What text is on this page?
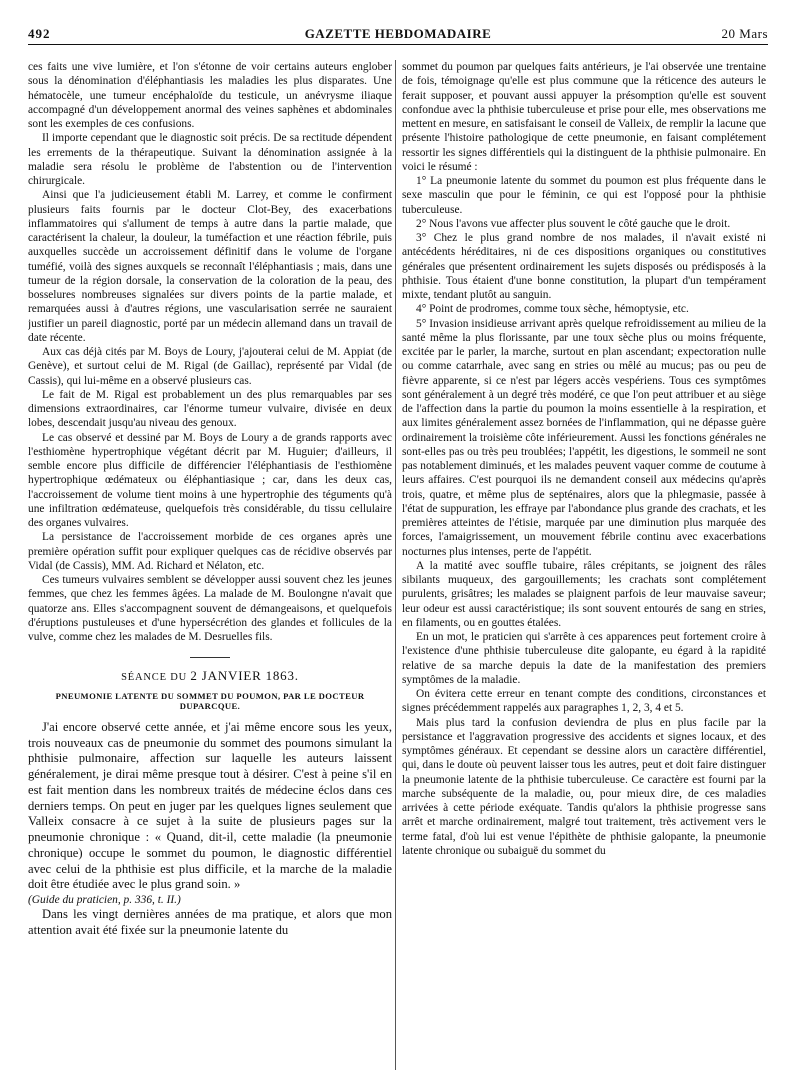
492	GAZETTE HEBDOMADAIRE	20 Mars

ces faits une vive lumière, et l'on s'étonne de voir certains auteurs englober sous la dénomination d'éléphantiasis les maladies les plus disparates. Une hématocèle, une tumeur encéphaloïde du testicule, un anévrysme iliaque accompagné d'un développement anormal des veines saphènes et abdominales sont les exemples de ces confusions.

Il importe cependant que le diagnostic soit précis. De sa rectitude dépendent les errements de la thérapeutique. Suivant la dénomination assignée à la maladie sera résolu le problème de l'abstention ou de l'intervention chirurgicale.

Ainsi que l'a judicieusement établi M. Larrey, et comme le confirment plusieurs faits fournis par le docteur Clot-Bey, des exacerbations inflammatoires qui s'allument de temps à autre dans la partie malade, que caractérisent la chaleur, la douleur, la tuméfaction et une réaction fébrile, puis auxquelles succède un accroissement définitif dans le volume de l'organe tuméfié, voilà des signes auxquels se reconnaît l'éléphantiasis ; mais, dans une tumeur de la région dorsale, la conservation de la coloration de la peau, des bosselures nombreuses signalées sur divers points de la partie malade, et remarquées aussi à d'autres régions, une vascularisation serrée ne sauraient justifier un pareil diagnostic, porté par un médecin allemand dans un travail de date récente.

Aux cas déjà cités par M. Boys de Loury, j'ajouterai celui de M. Appiat (de Genève), et surtout celui de M. Rigal (de Gaillac), représenté par Vidal (de Cassis), qui lui-même en a observé plusieurs cas.

Le fait de M. Rigal est probablement un des plus remarquables par ses dimensions extraordinaires, car l'énorme tumeur vulvaire, divisée en deux lobes, descendait jusqu'au niveau des genoux.

Le cas observé et dessiné par M. Boys de Loury a de grands rapports avec l'esthiomène hypertrophique végétant décrit par M. Huguier; d'ailleurs, il semble encore plus difficile de différencier l'éléphantiasis de l'esthiomène hypertrophique œdémateux ou éléphantiasique ; car, dans les deux cas, l'accroissement de volume tient moins à une hypertrophie des téguments qu'à une infiltration œdémateuse, quelquefois très considérable, du tissu cellulaire des organes vulvaires.

La persistance de l'accroissement morbide de ces organes après une première opération suffit pour expliquer quelques cas de récidive observés par Vidal (de Cassis), MM. Ad. Richard et Nélaton, etc.

Ces tumeurs vulvaires semblent se développer aussi souvent chez les jeunes femmes, que chez les femmes âgées. La malade de M. Boulongne n'avait que quatorze ans. Elles s'accompagnent souvent de démangeaisons, et quelquefois d'éruptions pustuleuses et d'une hypersécrétion des glandes et follicules de la vulve, comme chez les malades de M. Desruelles fils.

SÉANCE DU 2 JANVIER 1863.
PNEUMONIE LATENTE DU SOMMET DU POUMON, PAR LE DOCTEUR DUPARCQUE.

J'ai encore observé cette année, et j'ai même encore sous les yeux, trois nouveaux cas de pneumonie du sommet des poumons simulant la phthisie pulmonaire, affection sur laquelle les auteurs laissent généralement, je dirai même presque tout à désirer. C'est à peine s'il en est fait mention dans les nombreux traités de médecine éclos dans ces derniers temps. On peut en juger par les quelques lignes seulement que Valleix consacre à ce sujet à la suite de plusieurs pages sur la pneumonie chronique : « Quand, dit-il, cette maladie (la pneumonie chronique) occupe le sommet du poumon, le diagnostic différentiel avec celui de la phthisie est plus difficile, et la marche de la maladie doit être étudiée avec le plus grand soin. »

(Guide du praticien, p. 336, t. II.)

Dans les vingt dernières années de ma pratique, et alors que mon attention avait été fixée sur la pneumonie latente du

sommet du poumon par quelques faits antérieurs, je l'ai observée une trentaine de fois, témoignage qu'elle est plus commune que la réticence des auteurs le ferait supposer, et pouvant aussi appuyer la présomption qu'elle est souvent confondue avec la phthisie tuberculeuse et prise pour elle, mes observations me mettent en mesure, en satisfaisant le conseil de Valleix, de remplir la lacune que présente l'histoire pathologique de cette pneumonie, en faisant complétement ressortir les signes différentiels qui la distinguent de la phthisie pulmonaire. En voici le résumé :

1° La pneumonie latente du sommet du poumon est plus fréquente dans le sexe masculin que pour le féminin, ce qui est l'opposé pour la phthisie tuberculeuse.

2° Nous l'avons vue affecter plus souvent le côté gauche que le droit.

3° Chez le plus grand nombre de nos malades, il n'avait existé ni antécédents héréditaires, ni de ces dispositions organiques ou constitutives générales que présentent ordinairement les sujets disposés ou prédisposés à la phthisie. Tous étaient d'une bonne constitution, la plupart d'un tempérament mixte, tendant plutôt au sanguin.

4° Point de prodromes, comme toux sèche, hémoptysie, etc.

5° Invasion insidieuse arrivant après quelque refroidissement au milieu de la santé même la plus florissante, par une toux sèche plus ou moins fréquente, excitée par le parler, la marche, surtout en plan ascendant; expectoration nulle ou comme catarrhale, avec sang en stries ou mêlé au mucus; pas ou peu de fièvre apparente, si ce n'est par légers accès vespériens. Tous ces symptômes sont généralement à un degré très modéré, ce que l'on peut attribuer et au siège de l'affection dans la partie du poumon la moins essentielle à la respiration, et aux limites généralement assez bornées de l'inflammation, qui ne dépasse guère ordinairement la troisième côte inférieurement. Aussi les fonctions générales ne sont-elles pas ou très peu troublées; l'appétit, les digestions, le sommeil ne sont pas notablement diminués, et les malades peuvent vaquer comme de coutume à leurs affaires. C'est pourquoi ils ne demandent conseil aux médecins qu'après trois, quatre, et même plus de septénaires, alors que la phlegmasie, passée à l'état de suppuration, les effraye par l'abondance plus grande des crachats, et les premières atteintes de l'étisie, marquée par une diminution plus marquée des forces, l'amaigrissement, un mouvement fébrile continu avec exacerbations nocturnes plus intenses, perte de l'appétit.

A la matité avec souffle tubaire, râles crépitants, se joignent des râles sibilants muqueux, des gargouillements; les crachats sont complétement purulents, grisâtres; les malades se plaignent parfois de leur mauvaise saveur; leur odeur est aussi caractéristique; ils sont souvent entourés de sang en stries, en filaments, ou en gouttes étalées.

En un mot, le praticien qui s'arrête à ces apparences peut fortement croire à l'existence d'une phthisie tuberculeuse dite galopante, eu égard à la rapidité relative de sa marche depuis la date de la manifestation des premiers symptômes de la maladie.

On évitera cette erreur en tenant compte des conditions, circonstances et signes précédemment rappelés aux paragraphes 1, 2, 3, 4 et 5.

Mais plus tard la confusion deviendra de plus en plus facile par la persistance et l'aggravation progressive des accidents et signes locaux, et des symptômes généraux. Et cependant se dessine alors un caractère différentiel, qui, dans le doute où peuvent laisser tous les autres, peut et doit faire distinguer la pneumonie latente de la phthisie tuberculeuse. Ce caractère est fourni par la marche subséquente de la maladie, ou, pour mieux dire, de ces maladies arrivées à cette période exéquate. Tandis qu'alors la phthisie progresse sans arrêt et marche ordinairement, malgré tout traitement, très activement vers le terme fatal, d'où lui est venue l'épithète de phthisie galopante, la pneumonie latente chronique ou subaiguë du sommet du
